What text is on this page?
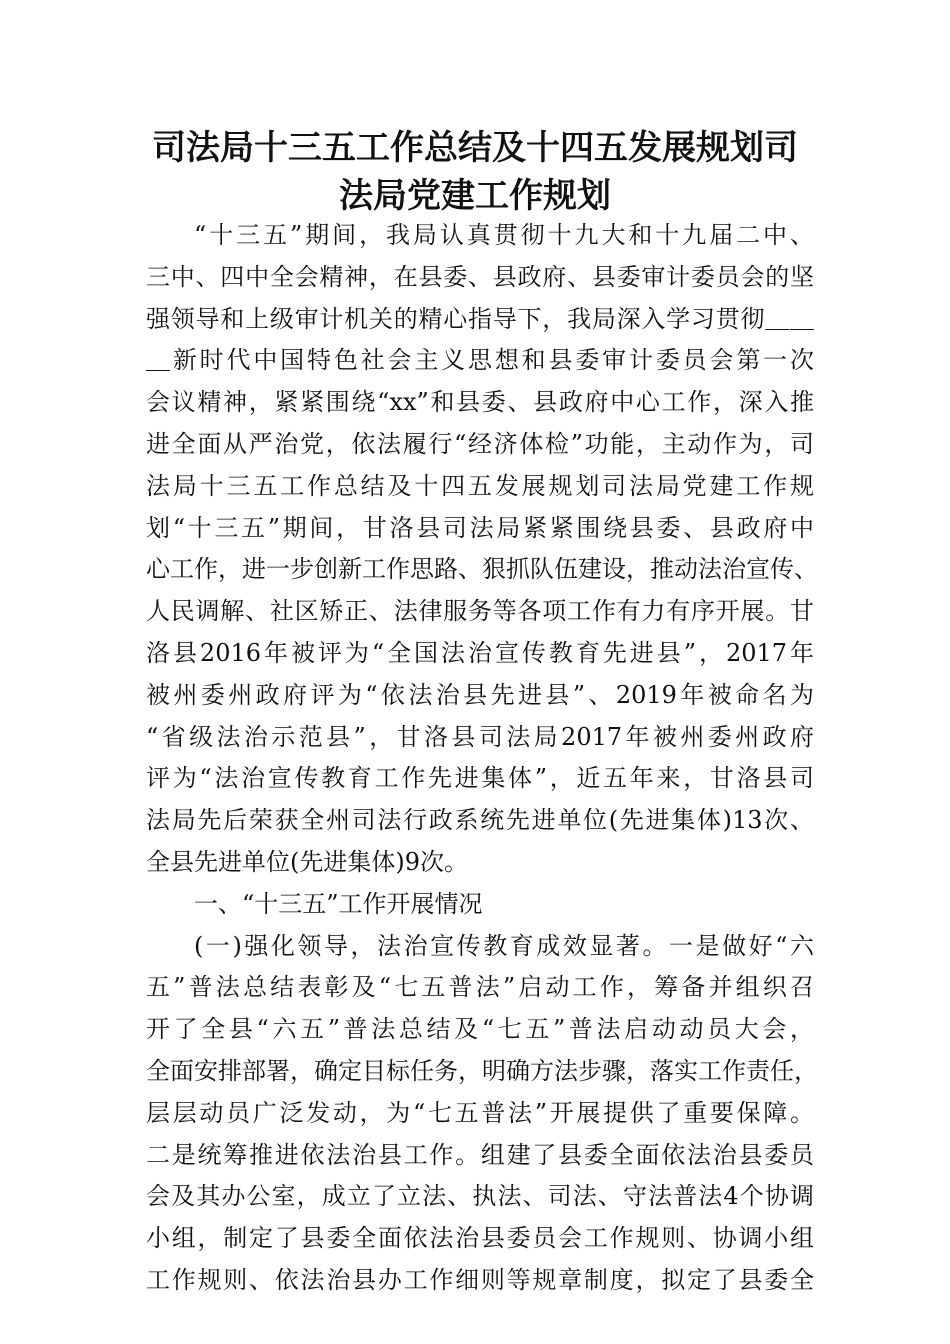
司法局十三五工作总结及十四五发展规划司
法局党建工作规划
“十三五”期间，我局认真贯彻十九大和十九届二中、
三中、四中全会精神，在县委、县政府、县委审计委员会的坚
强领导和上级审计机关的精心指导下，我局深入学习贯彻＿＿
＿新时代中国特色社会主义思想和县委审计委员会第一次
会议精神，紧紧围绕“xx”和县委、县政府中心工作，深入推
进全面从严治党，依法履行“经济体检”功能，主动作为，司
法局十三五工作总结及十四五发展规划司法局党建工作规
划“十三五”期间，甘洛县司法局紧紧围绕县委、县政府中
心工作，进一步创新工作思路、狠抓队伍建设，推动法治宣传、
人民调解、社区矫正、法律服务等各项工作有力有序开展。甘
洛县2016年被评为“全国法治宣传教育先进县”，2017年
被州委州政府评为“依法治县先进县”、2019年被命名为
“省级法治示范县”，甘洛县司法局2017年被州委州政府
评为“法治宣传教育工作先进集体”，近五年来，甘洛县司
法局先后荣获全州司法行政系统先进单位(先进集体)13次、
全县先进单位(先进集体)9次。
一、“十三五”工作开展情况
(一)强化领导，法治宣传教育成效显著。一是做好“六
五”普法总结表彰及“七五普法”启动工作，筹备并组织召
开了全县“六五”普法总结及“七五”普法启动动员大会，
全面安排部署，确定目标任务，明确方法步骤，落实工作责任，
层层动员广泛发动，为“七五普法”开展提供了重要保障。
二是统筹推进依法治县工作。组建了县委全面依法治县委员
会及其办公室，成立了立法、执法、司法、守法普法4个协调
小组，制定了县委全面依法治县委员会工作规则、协调小组
工作规则、依法治县办工作细则等规章制度，拟定了县委全
